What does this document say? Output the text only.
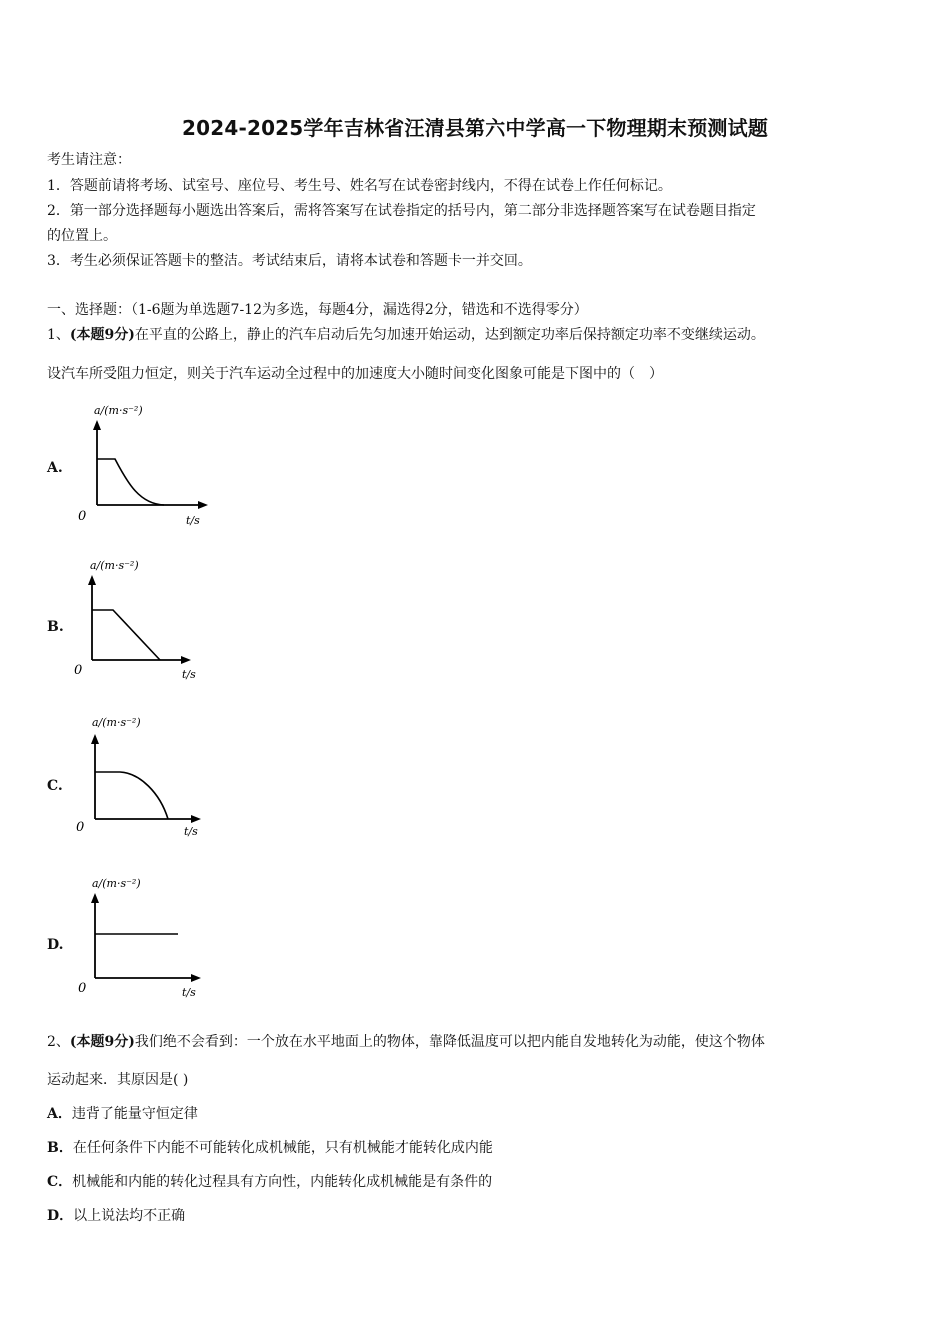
2024-2025学年吉林省汪清县第六中学高一下物理期末预测试题
考生请注意：
1．答题前请将考场、试室号、座位号、考生号、姓名写在试卷密封线内，不得在试卷上作任何标记。
2．第一部分选择题每小题选出答案后，需将答案写在试卷指定的括号内，第二部分非选择题答案写在试卷题目指定
的位置上。
3．考生必须保证答题卡的整洁。考试结束后，请将本试卷和答题卡一并交回。
一、选择题：（1-6题为单选题7-12为多选，每题4分，漏选得2分，错选和不选得零分）
1、(本题9分)在平直的公路上，静止的汽车启动后先匀加速开始运动，达到额定功率后保持额定功率不变继续运动。
设汽车所受阻力恒定，则关于汽车运动全过程中的加速度大小随时间变化图象可能是下图中的（　）
A.
a/(m·s⁻²)
0	t/s
B.
a/(m·s⁻²)
0	t/s
C.
a/(m·s⁻²)
0	t/s
D.
a/(m·s⁻²)
0	t/s
2、(本题9分)我们绝不会看到：一个放在水平地面上的物体，靠降低温度可以把内能自发地转化为动能，使这个物体
运动起来．其原因是( )
A．违背了能量守恒定律
B．在任何条件下内能不可能转化成机械能，只有机械能才能转化成内能
C．机械能和内能的转化过程具有方向性，内能转化成机械能是有条件的
D．以上说法均不正确
